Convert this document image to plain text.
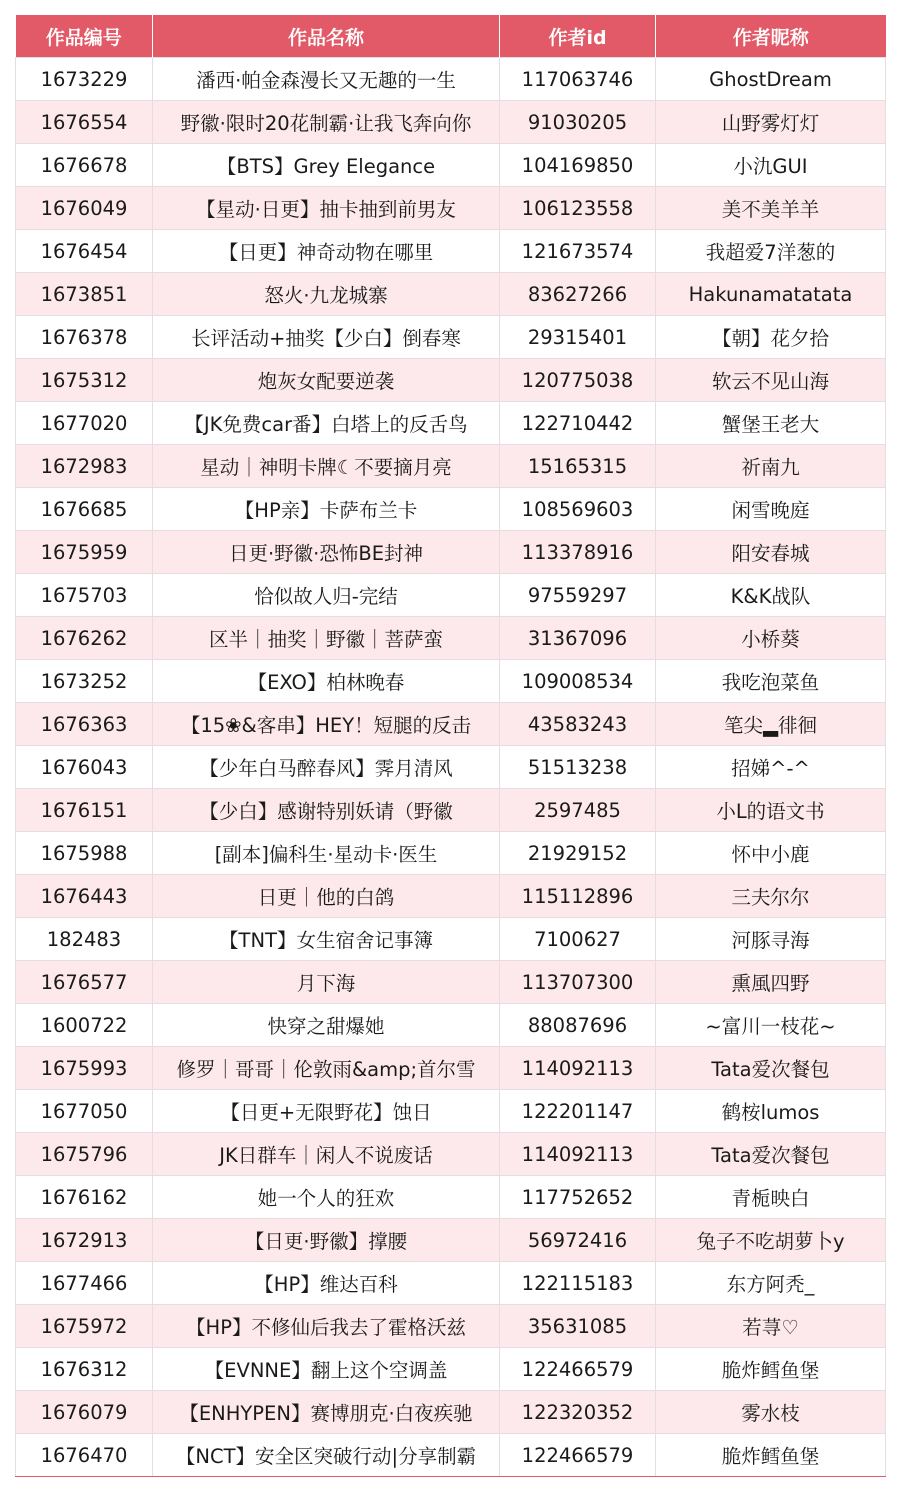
作品编号	作品名称	作者id	作者昵称
1673229	潘西·帕金森漫长又无趣的一生	117063746	GhostDream
1676554	野徽·限时20花制霸·让我飞奔向你	91030205	山野雾灯灯
1676678	【BTS】Grey Elegance	104169850	小氿GUI
1676049	【星动·日更】抽卡抽到前男友	106123558	美不美羊羊
1676454	【日更】神奇动物在哪里	121673574	我超爱7洋葱的
1673851	怒火·九龙城寨	83627266	Hakunamatatata
1676378	长评活动+抽奖【少白】倒春寒	29315401	【朝】花夕拾
1675312	炮灰女配要逆袭	120775038	软云不见山海
1677020	【JK免费car番】白塔上的反舌鸟	122710442	蟹堡王老大
1672983	星动｜神明卡牌☾不要摘月亮	15165315	祈南九
1676685	【HP亲】卡萨布兰卡	108569603	闲雪晚庭
1675959	日更·野徽·恐怖BE封神	113378916	阳安春城
1675703	恰似故人归-完结	97559297	K&K战队
1676262	区半｜抽奖｜野徽｜菩萨蛮	31367096	小桥葵
1673252	【EXO】柏林晚春	109008534	我吃泡菜鱼
1676363	【15❀&客串】HEY！短腿的反击	43583243	笔尖▂徘徊
1676043	【少年白马醉春风】霁月清风	51513238	招娣^-^
1676151	【少白】感谢特别妖请（野徽	2597485	小L的语文书
1675988	[副本]偏科生·星动卡·医生	21929152	怀中小鹿
1676443	日更｜他的白鸽	115112896	三夫尔尔
182483	【TNT】女生宿舍记事簿	7100627	河豚寻海
1676577	月下海	113707300	熏風四野
1600722	快穿之甜爆她	88087696	~富川一枝花~
1675993	修罗｜哥哥｜伦敦雨&amp;首尔雪	114092113	Tata爱次餐包
1677050	【日更+无限野花】蚀日	122201147	鹤桉lumos
1675796	JK日群车｜闲人不说废话	114092113	Tata爱次餐包
1676162	她一个人的狂欢	117752652	青栀映白
1672913	【日更·野徽】撑腰	56972416	兔子不吃胡萝卜y
1677466	【HP】维达百科	122115183	东方阿秃_
1675972	【HP】不修仙后我去了霍格沃兹	35631085	若荨♡
1676312	【EVNNE】翻上这个空调盖	122466579	脆炸鳕鱼堡
1676079	【ENHYPEN】赛博朋克·白夜疾驰	122320352	雾水枝
1676470	【NCT】安全区突破行动|分享制霸	122466579	脆炸鳕鱼堡
